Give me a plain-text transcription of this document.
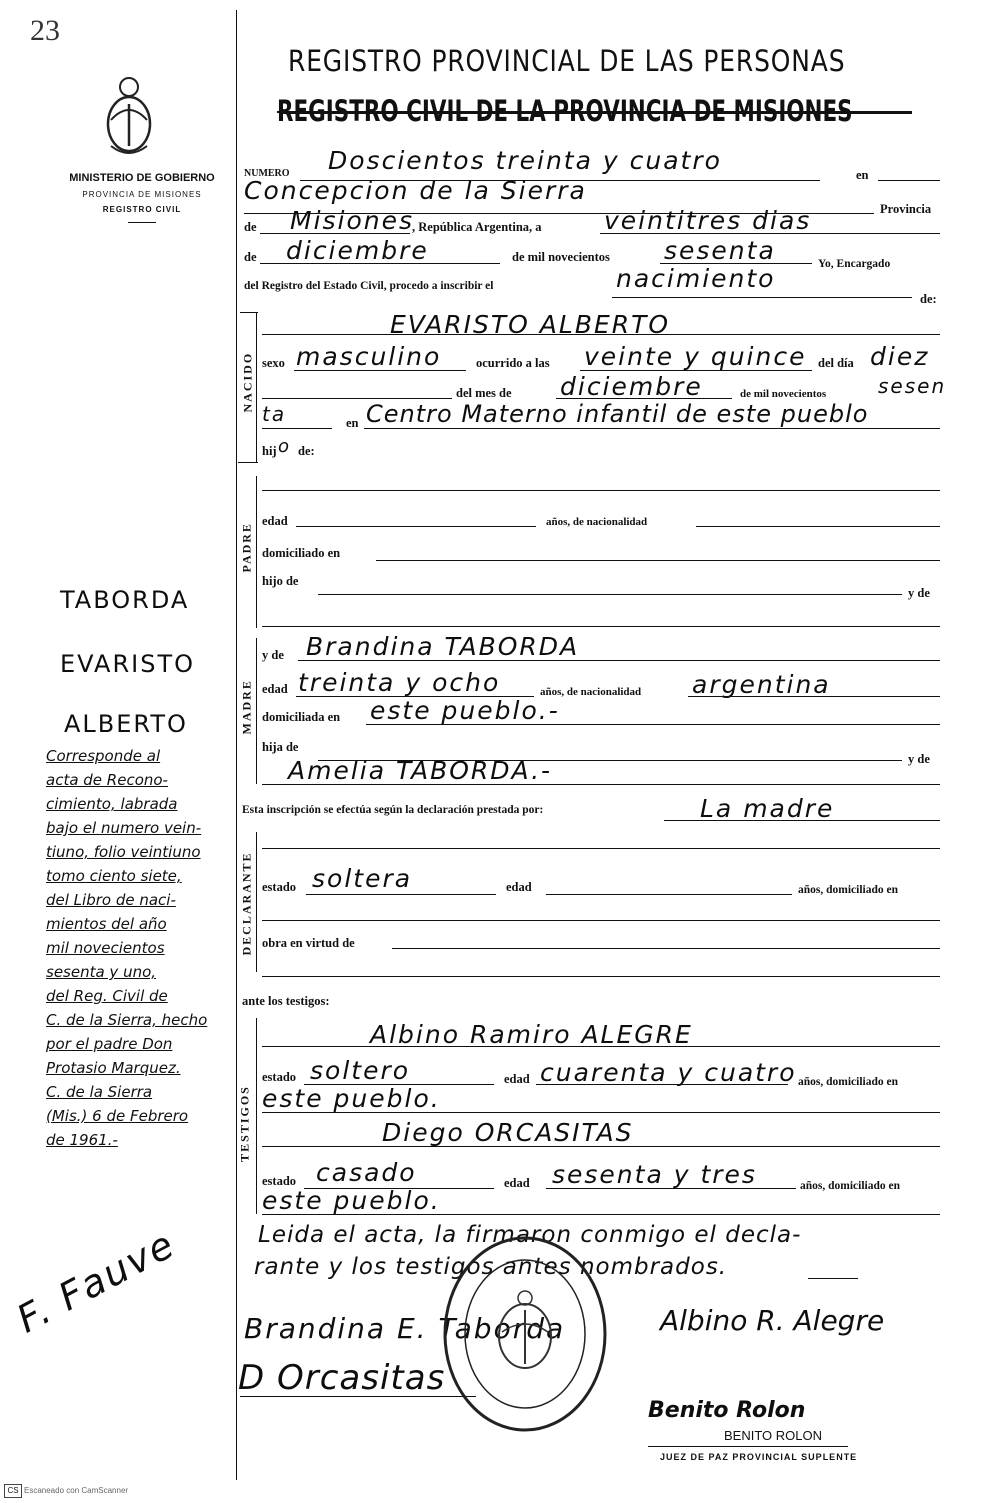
23
MINISTERIO DE GOBIERNO
PROVINCIA DE MISIONES
REGISTRO CIVIL
REGISTRO PROVINCIAL DE LAS PERSONAS
REGISTRO CIVIL DE LA PROVINCIA DE MISIONES
NUMERO Doscientos treinta y cuatro	en
Concepcion de la Sierra
Provincia
de Misiones
, República Argentina, a veintitres dias
de diciembre	de mil novecientos sesenta	Yo, Encargado
del Registro del Estado Civil, procedo a inscribir el	nacimiento
de:
NACIDO
EVARISTO ALBERTO
sexo masculino	ocurrido a las veinte y quince del día diez
del mes de diciembre	de mil novecientos	sesen
ta	en Centro Materno infantil de este pueblo
hij o de:
PADRE
edad	años, de nacionalidad
domiciliado en
hijo de
y de
MADRE
y de Brandina TABORDA
edad treinta y ocho	años, de nacionalidad argentina
domiciliada en este pueblo.-
hija de
y de
Amelia TABORDA.-
Esta inscripción se efectúa según la declaración prestada por:	La madre
DECLARANTE estado soltera	edad	años, domiciliado en
obra en virtud de
ante los testigos:
TESTIGOS
Albino Ramiro ALEGRE
estado soltero	edad cuarenta y cuatro años, domiciliado en
este pueblo.
Diego ORCASITAS
estado casado	edad sesenta y tres	años, domiciliado en
este pueblo.
Leida el acta, la firmaron conmigo el decla-
rante y los testigos antes nombrados.
Brandina E. Taborda
D Orcasitas
Albino R. Alegre
Benito Rolon
BENITO ROLON
JUEZ DE PAZ PROVINCIAL SUPLENTE
TABORDA
EVARISTO
ALBERTO
Corresponde al
acta de Recono-
cimiento, labrada
bajo el numero vein-
tiuno, folio veintiuno
tomo ciento siete,
del Libro de naci-
mientos del año
mil novecientos
sesenta y uno,
del Reg. Civil de
C. de la Sierra, hecho
por el padre Don
Protasio Marquez.
C. de la Sierra
(Mis.) 6 de Febrero
de 1961.-
F. Fauve
CS Escaneado con CamScanner
